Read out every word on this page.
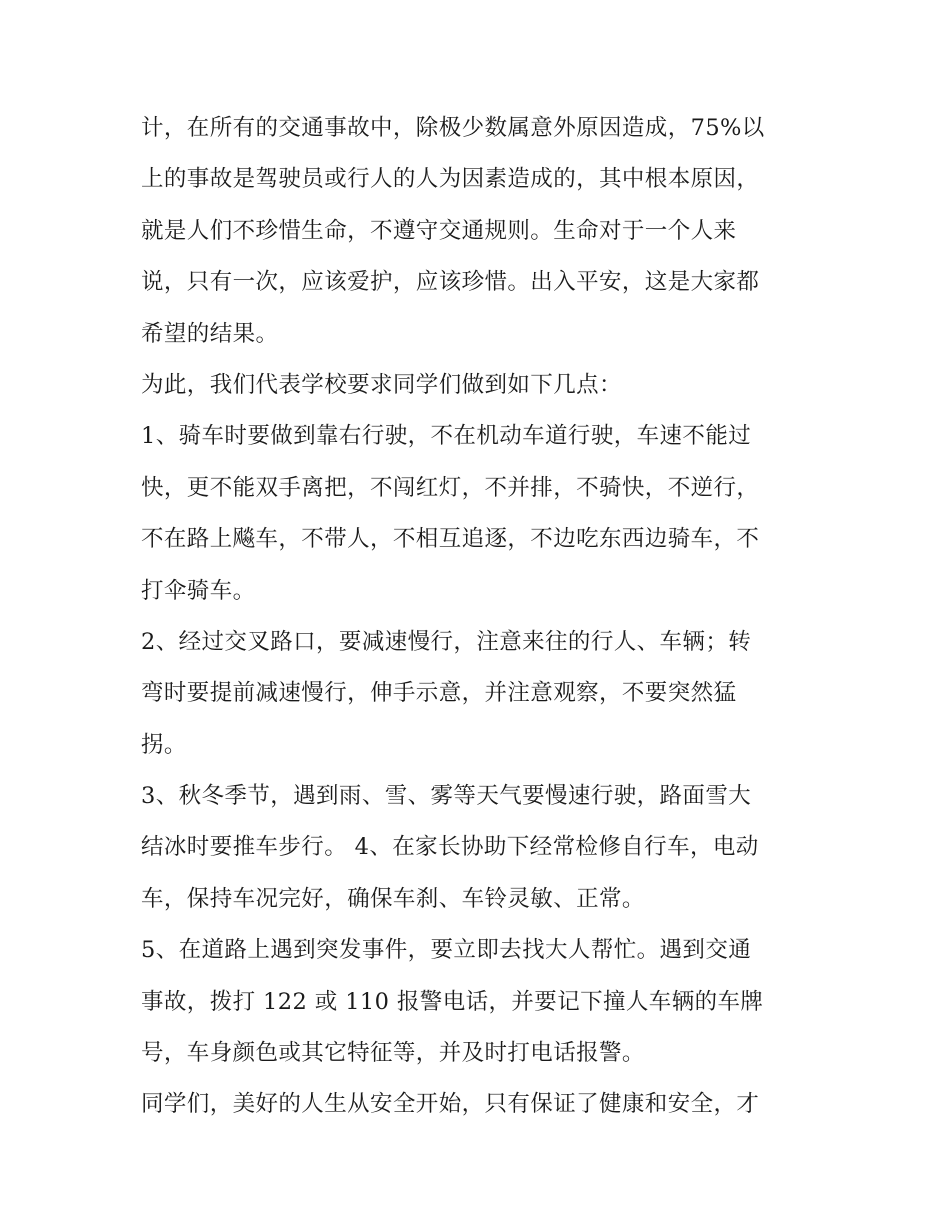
计，在所有的交通事故中，除极少数属意外原因造成，75%以
上的事故是驾驶员或行人的人为因素造成的，其中根本原因，
就是人们不珍惜生命，不遵守交通规则。生命对于一个人来
说，只有一次，应该爱护，应该珍惜。出入平安，这是大家都
希望的结果。
为此，我们代表学校要求同学们做到如下几点：
1、骑车时要做到靠右行驶，不在机动车道行驶，车速不能过
快，更不能双手离把，不闯红灯，不并排，不骑快，不逆行，
不在路上飚车，不带人，不相互追逐，不边吃东西边骑车，不
打伞骑车。
2、经过交叉路口，要减速慢行，注意来往的行人、车辆；转
弯时要提前减速慢行，伸手示意，并注意观察，不要突然猛
拐。
3、秋冬季节，遇到雨、雪、雾等天气要慢速行驶，路面雪大
结冰时要推车步行。 4、在家长协助下经常检修自行车，电动
车，保持车况完好，确保车刹、车铃灵敏、正常。
5、在道路上遇到突发事件，要立即去找大人帮忙。遇到交通
事故，拨打 122 或 110 报警电话，并要记下撞人车辆的车牌
号，车身颜色或其它特征等，并及时打电话报警。
同学们，美好的人生从安全开始，只有保证了健康和安全，才
